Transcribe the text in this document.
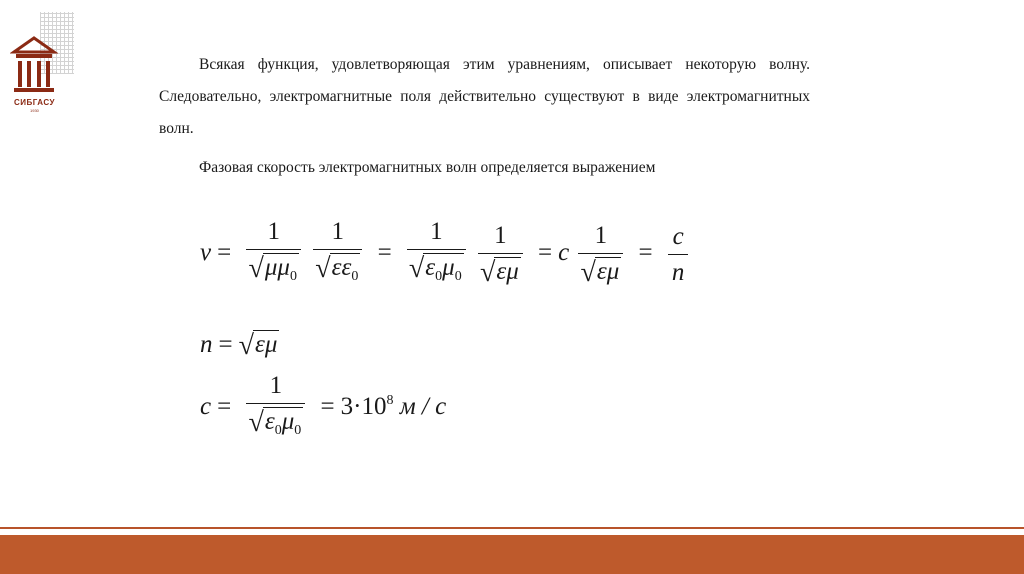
СИБГАСУ
1930

Всякая функция, удовлетворяющая этим уравнениям, описывает некоторую волну. Следовательно, электромагнитные поля действительно существуют в виде электромагнитных волн.

Фазовая скорость электромагнитных волн определяется выражением

$v = \frac{1}{√\mu\mu_0}$
$\frac{1}{√\varepsilon\varepsilon_0} = \frac{1}{√\varepsilon_0\mu_0}$
$\frac{1}{√\varepsilon\mu} = c \frac{1}{√\varepsilon\mu} = \frac{c}{n}$
n = √εμ
$c = \frac{1}{√\varepsilon_0\mu_0} = 3\cdot 10^8$ м / с
